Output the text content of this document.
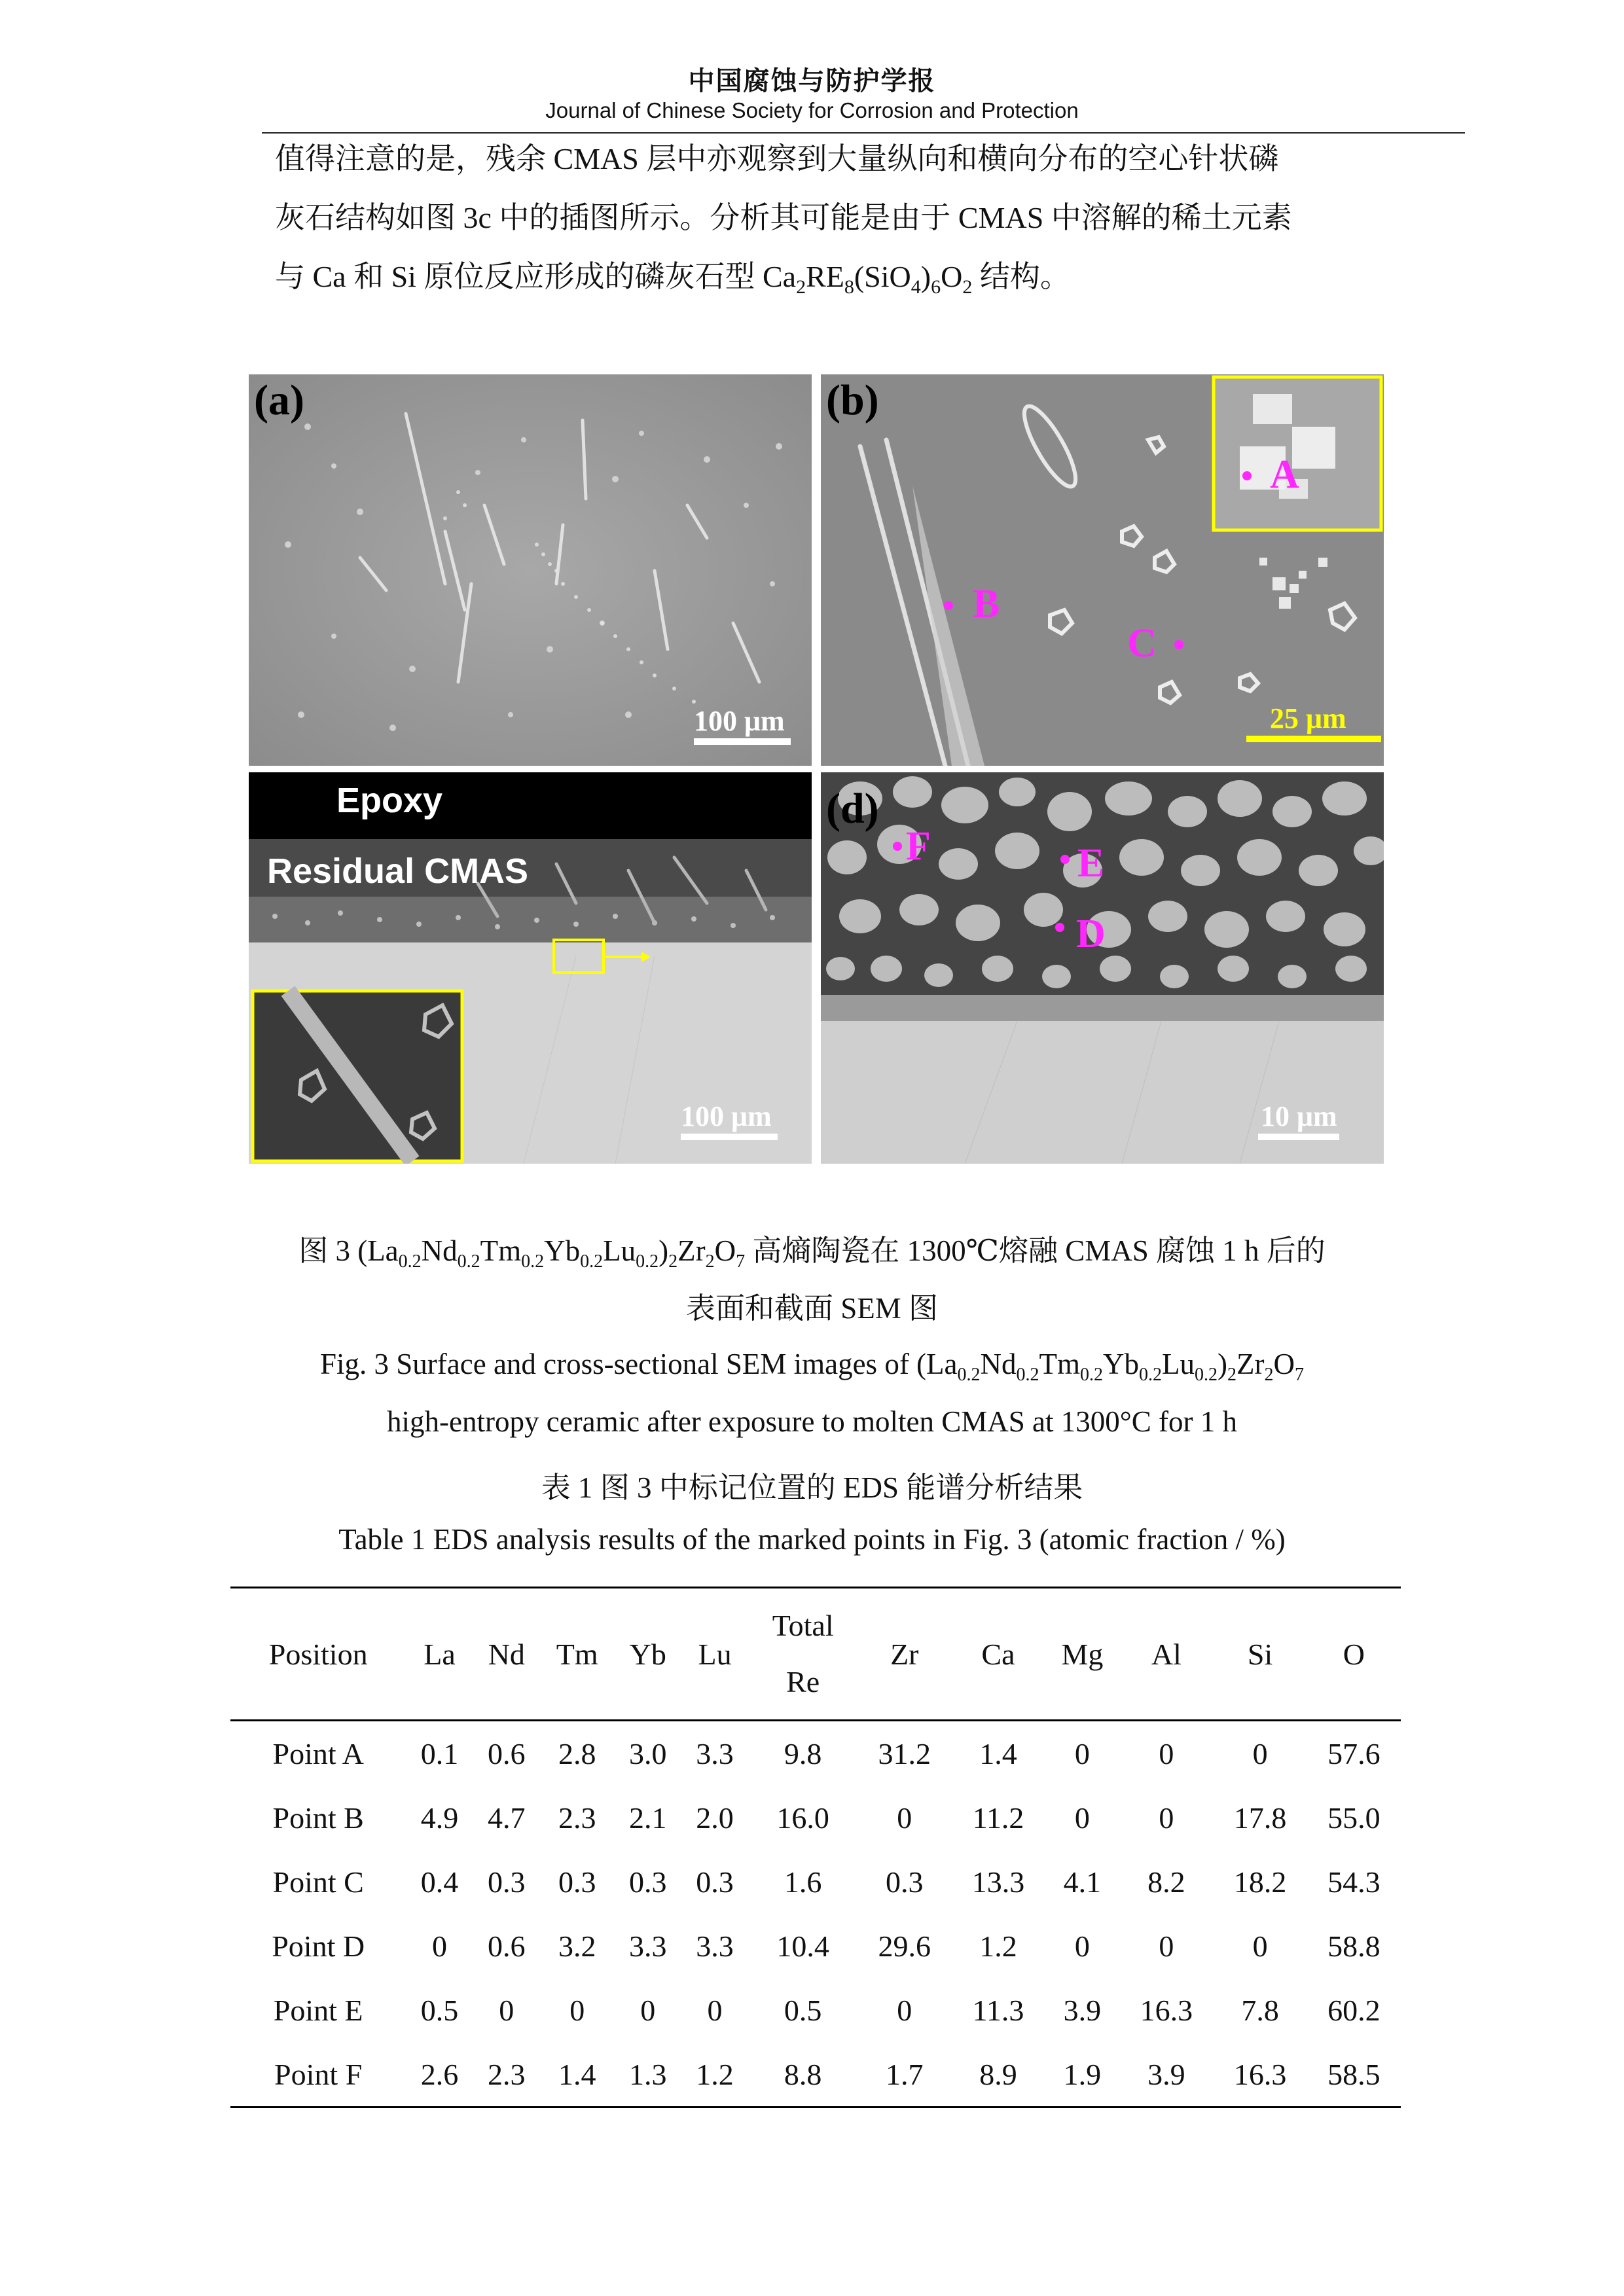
中国腐蚀与防护学报
Journal of Chinese Society for Corrosion and Protection
值得注意的是，残余 CMAS 层中亦观察到大量纵向和横向分布的空心针状磷
灰石结构如图 3c 中的插图所示。分析其可能是由于 CMAS 中溶解的稀土元素
与 Ca 和 Si 原位反应形成的磷灰石型 $Ca_2RE_8(SiO_4)_6O_2$ 结构。
(a)
100 μm
(b)
A
B
C
25 μm
(c) Epoxy
Residual CMAS
100 μm
(d)
F	E
D
10 μm
图 3 $(La_{0.2}Nd_{0.2}Tm_{0.2}Yb_{0.2}Lu_{0.2})_2Zr_2O_7$ 高熵陶瓷在 1300℃熔融 CMAS 腐蚀 1 h 后的
表面和截面 SEM 图
Fig. 3 Surface and cross-sectional SEM images of $(La_{0.2}Nd_{0.2}Tm_{0.2}Yb_{0.2}Lu_{0.2})_2Zr_2O_7$
high-entropy ceramic after exposure to molten CMAS at 1300°C for 1 h
表 1 图 3 中标记位置的 EDS 能谱分析结果
Table 1 EDS analysis results of the marked points in Fig. 3 (atomic fraction / %)
Position	La	Nd	Tm	Yb	Lu	Total
Re	Zr	Ca	Mg	Al	Si	O
Point A	0.1	0.6	2.8	3.0	3.3	9.8	31.2	1.4	0	0	0	57.6
Point B	4.9	4.7	2.3	2.1	2.0	16.0	0	11.2	0	0	17.8	55.0
Point C	0.4	0.3	0.3	0.3	0.3	1.6	0.3	13.3	4.1	8.2	18.2	54.3
Point D	0	0.6	3.2	3.3	3.3	10.4	29.6	1.2	0	0	0	58.8
Point E	0.5	0	0	0	0	0.5	0	11.3	3.9	16.3	7.8	60.2
Point F	2.6	2.3	1.4	1.3	1.2	8.8	1.7	8.9	1.9	3.9	16.3	58.5
